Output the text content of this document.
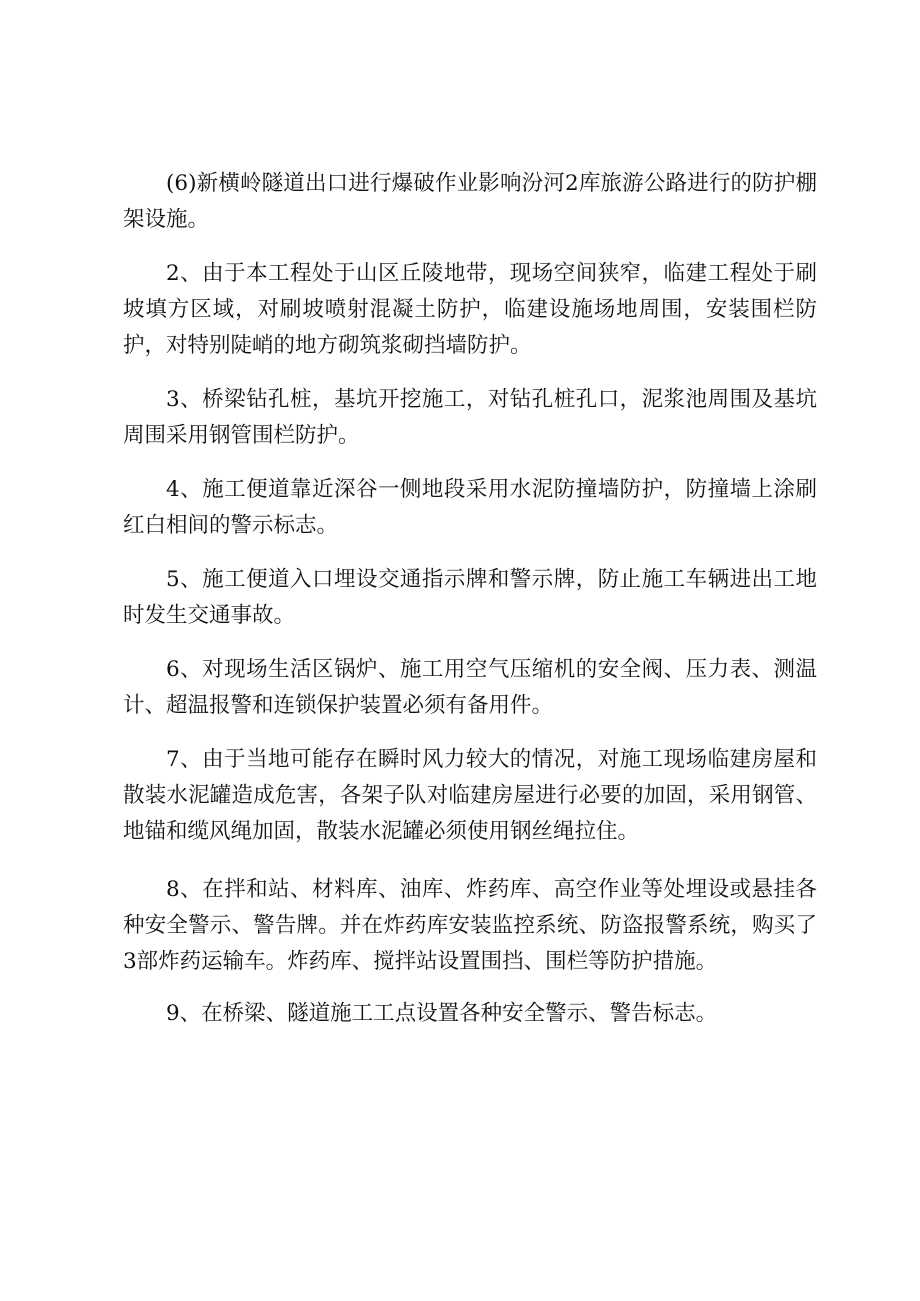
(6)新横岭隧道出口进行爆破作业影响汾河2库旅游公路进行的防护棚架设施。

2、由于本工程处于山区丘陵地带，现场空间狭窄，临建工程处于刷坡填方区域，对刷坡喷射混凝土防护，临建设施场地周围，安装围栏防护，对特别陡峭的地方砌筑浆砌挡墙防护。

3、桥梁钻孔桩，基坑开挖施工，对钻孔桩孔口，泥浆池周围及基坑周围采用钢管围栏防护。

4、施工便道靠近深谷一侧地段采用水泥防撞墙防护，防撞墙上涂刷红白相间的警示标志。

5、施工便道入口埋设交通指示牌和警示牌，防止施工车辆进出工地时发生交通事故。

6、对现场生活区锅炉、施工用空气压缩机的安全阀、压力表、测温计、超温报警和连锁保护装置必须有备用件。

7、由于当地可能存在瞬时风力较大的情况，对施工现场临建房屋和散装水泥罐造成危害，各架子队对临建房屋进行必要的加固，采用钢管、地锚和缆风绳加固，散装水泥罐必须使用钢丝绳拉住。

8、在拌和站、材料库、油库、炸药库、高空作业等处埋设或悬挂各种安全警示、警告牌。并在炸药库安装监控系统、防盗报警系统，购买了3部炸药运输车。炸药库、搅拌站设置围挡、围栏等防护措施。

9、在桥梁、隧道施工工点设置各种安全警示、警告标志。
